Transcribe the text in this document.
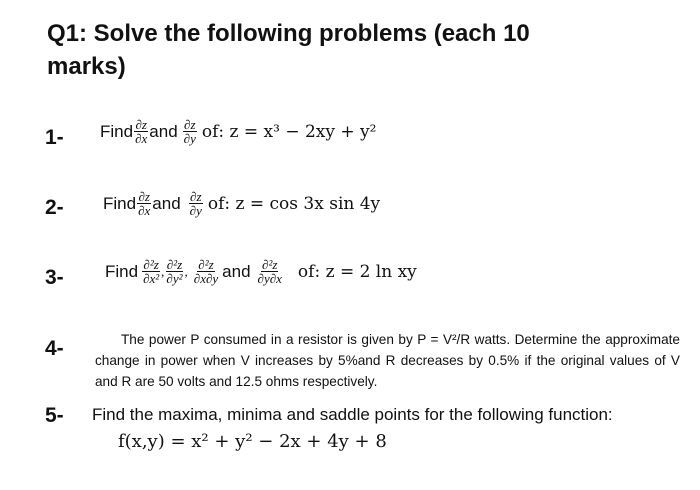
Q1: Solve the following problems (each 10 marks)
1- Find $\frac{\partial z}{\partial x}$ and $\frac{\partial z}{\partial y}$ of: z = x³ − 2xy + y²
2- Find $\frac{\partial z}{\partial x}$ and $\frac{\partial z}{\partial y}$ of: z = cos 3x sin 4y
3- Find $\frac{\text{∂²z}}{\text{∂x²}}$ , $\frac{\text{∂²z}}{\text{∂y²}}$ , $\frac{\text{∂²z}}{\partial x\partial y}$ and $\frac{\text{∂²z}}{\partial y\partial x}$ of: z = 2 ln xy
4-	The power P consumed in a resistor is given by P = V²/R watts. Determine the approximate change in power when V increases by 5%and R decreases by 0.5% if the original values of V and R are 50 volts and 12.5 ohms respectively.
5- Find the maxima, minima and saddle points for the following function:
f(x,y) = x² + y² − 2x + 4y + 8
